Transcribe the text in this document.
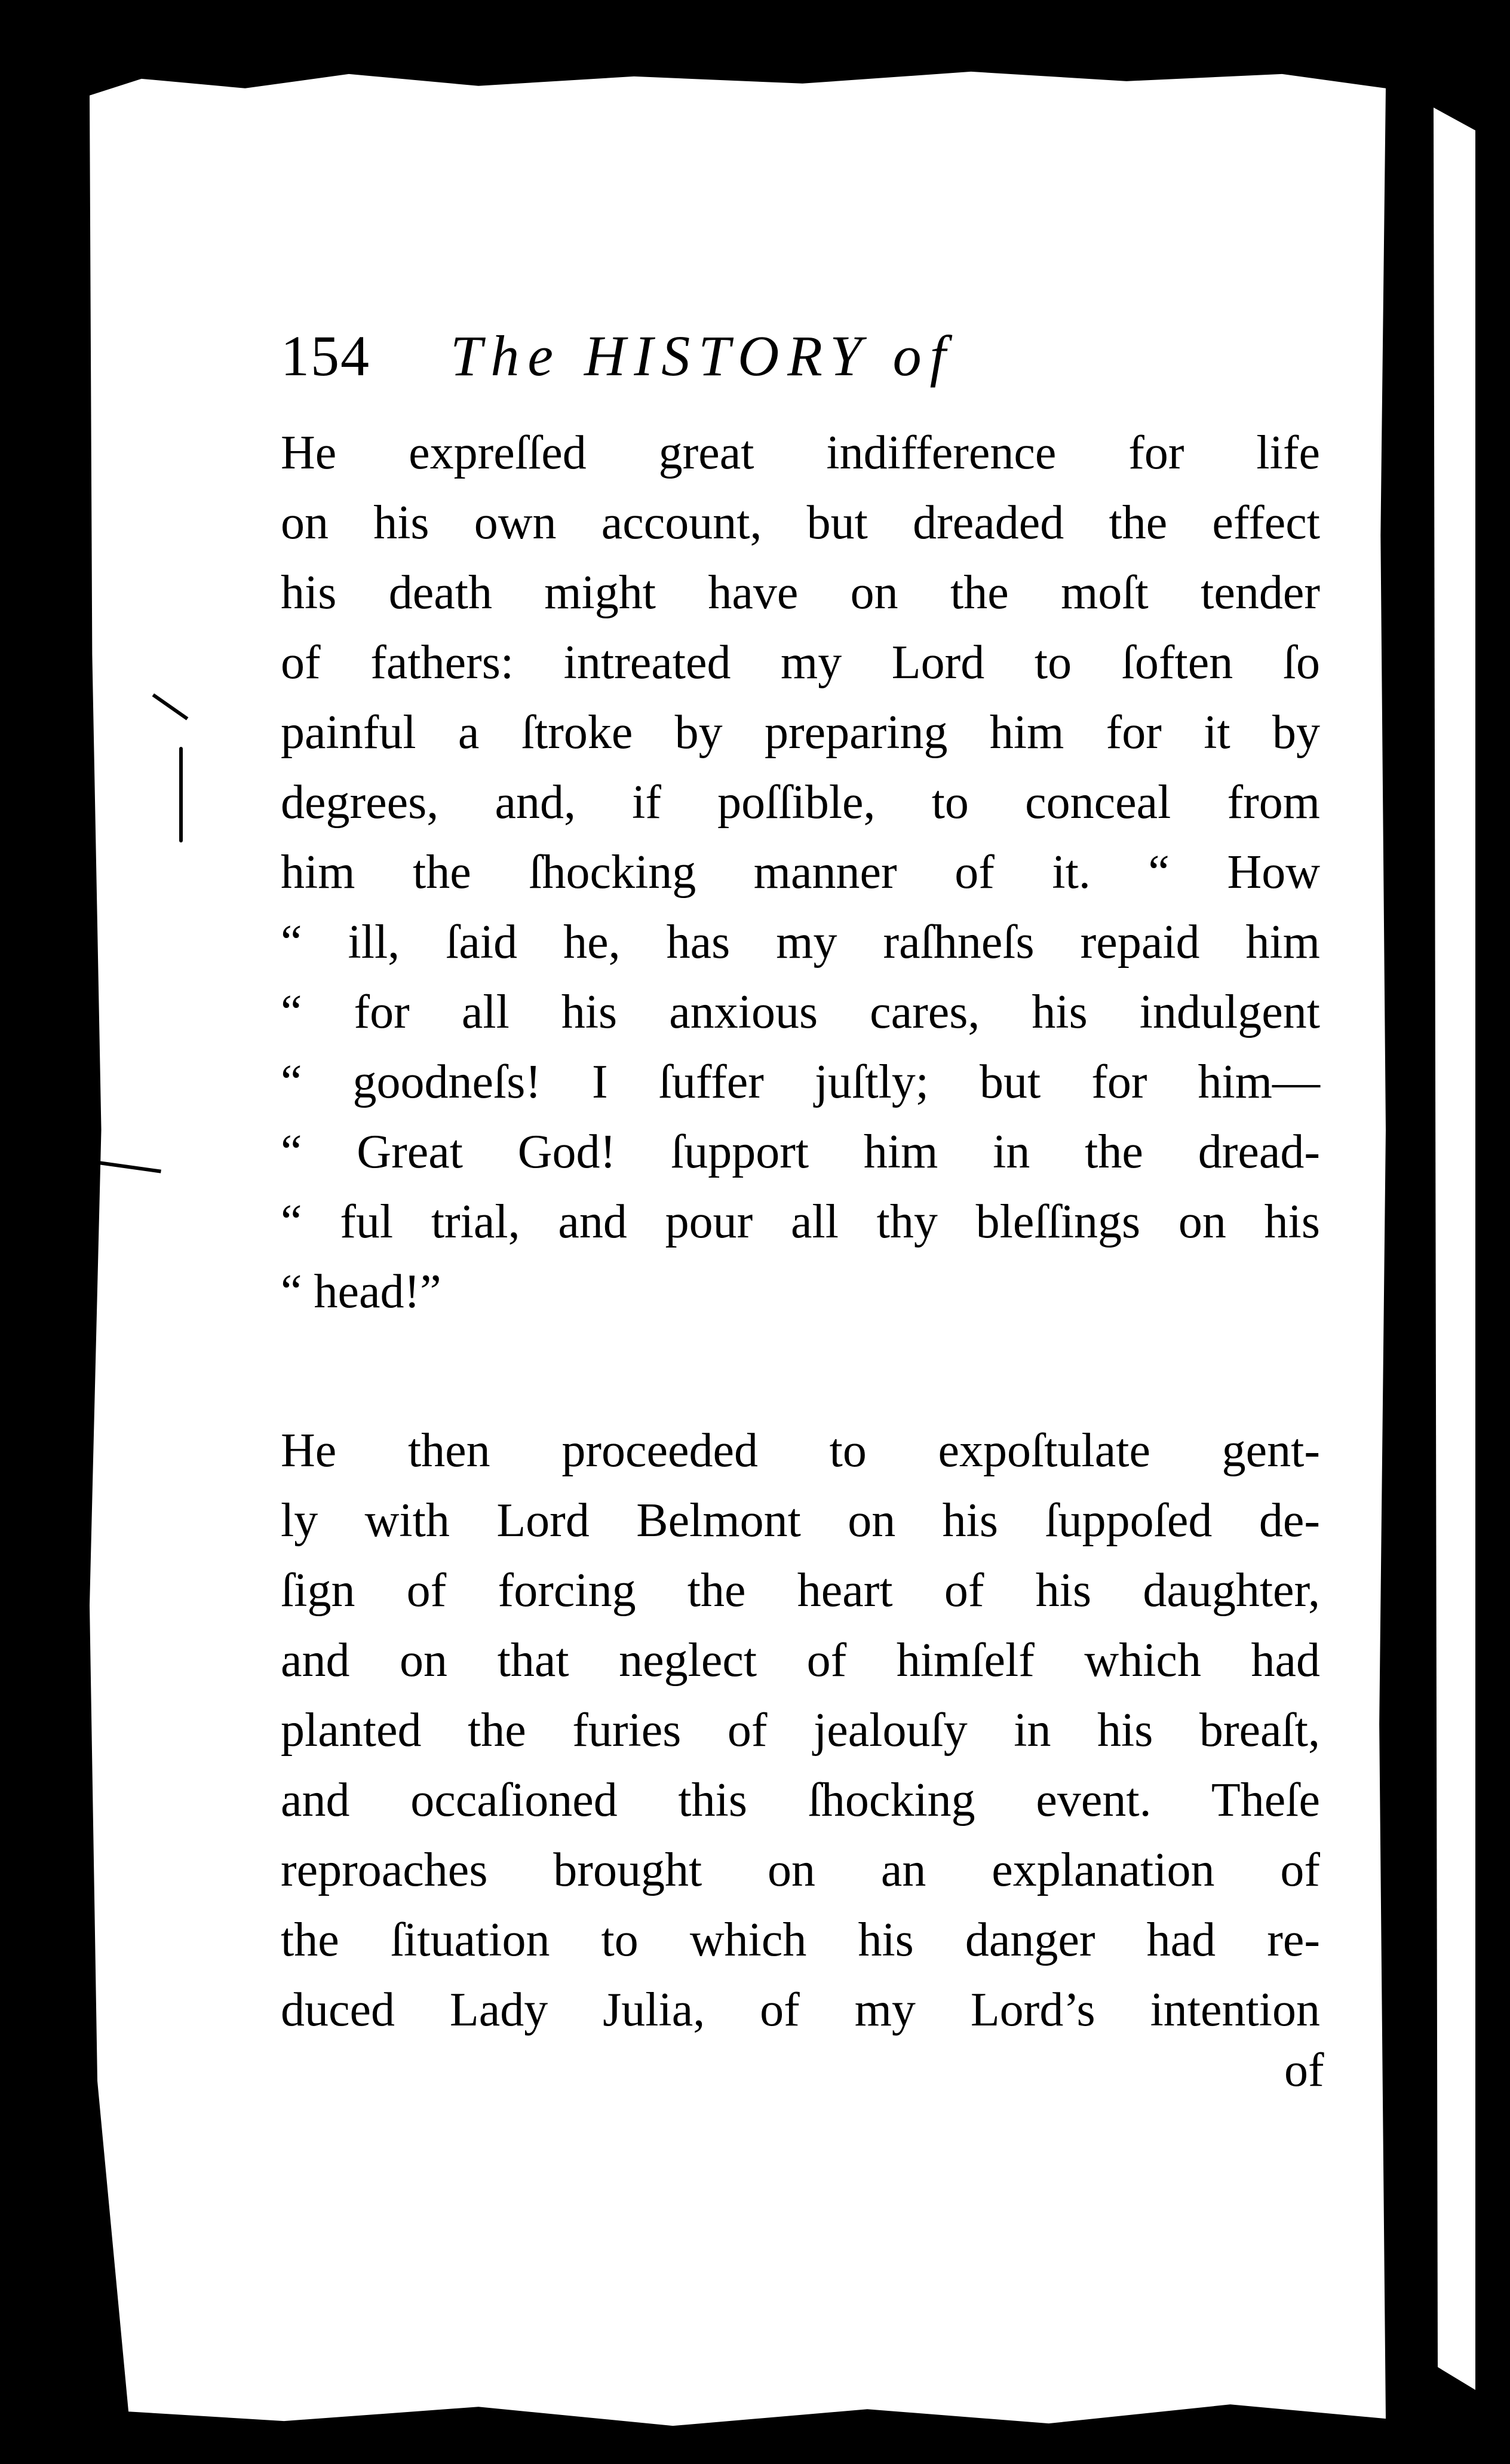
154 The HISTORY of

He expreſſed great indifference for life
on his own account, but dreaded the effect
his death might have on the moſt tender
of fathers: intreated my Lord to ſoften ſo
painful a ſtroke by preparing him for it by
degrees, and, if poſſible, to conceal from
him the ſhocking manner of it. “ How
“ ill, ſaid he, has my raſhneſs repaid him
“ for all his anxious cares, his indulgent
“ goodneſs! I ſuffer juſtly; but for him—
“ Great God! ſupport him in the dread-
“ ful trial, and pour all thy bleſſings on his
“ head!”

He then proceeded to expoſtulate gent-
ly with Lord Belmont on his ſuppoſed de-
ſign of forcing the heart of his daughter,
and on that neglect of himſelf which had
planted the furies of jealouſy in his breaſt,
and occaſioned this ſhocking event. Theſe
reproaches brought on an explanation of
the ſituation to which his danger had re-
duced Lady Julia, of my Lord’s intention

of
